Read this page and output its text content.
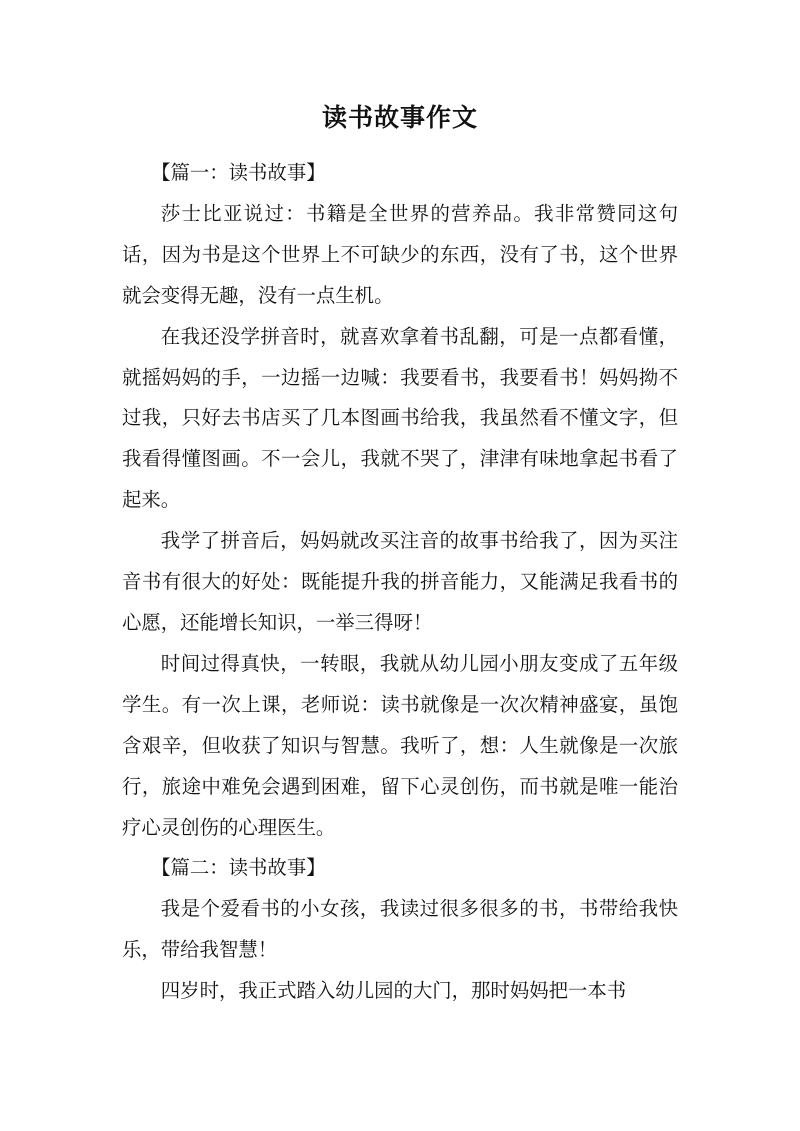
读书故事作文

【篇一：读书故事】

莎士比亚说过：书籍是全世界的营养品。我非常赞同这句话，因为书是这个世界上不可缺少的东西，没有了书，这个世界就会变得无趣，没有一点生机。

在我还没学拼音时，就喜欢拿着书乱翻，可是一点都看懂，就摇妈妈的手，一边摇一边喊：我要看书，我要看书！妈妈拗不过我，只好去书店买了几本图画书给我，我虽然看不懂文字，但我看得懂图画。不一会儿，我就不哭了，津津有味地拿起书看了起来。

我学了拼音后，妈妈就改买注音的故事书给我了，因为买注音书有很大的好处：既能提升我的拼音能力，又能满足我看书的心愿，还能增长知识，一举三得呀！

时间过得真快，一转眼，我就从幼儿园小朋友变成了五年级学生。有一次上课，老师说：读书就像是一次次精神盛宴，虽饱含艰辛，但收获了知识与智慧。我听了，想：人生就像是一次旅行，旅途中难免会遇到困难，留下心灵创伤，而书就是唯一能治疗心灵创伤的心理医生。

【篇二：读书故事】

我是个爱看书的小女孩，我读过很多很多的书，书带给我快乐，带给我智慧！

四岁时，我正式踏入幼儿园的大门，那时妈妈把一本书
